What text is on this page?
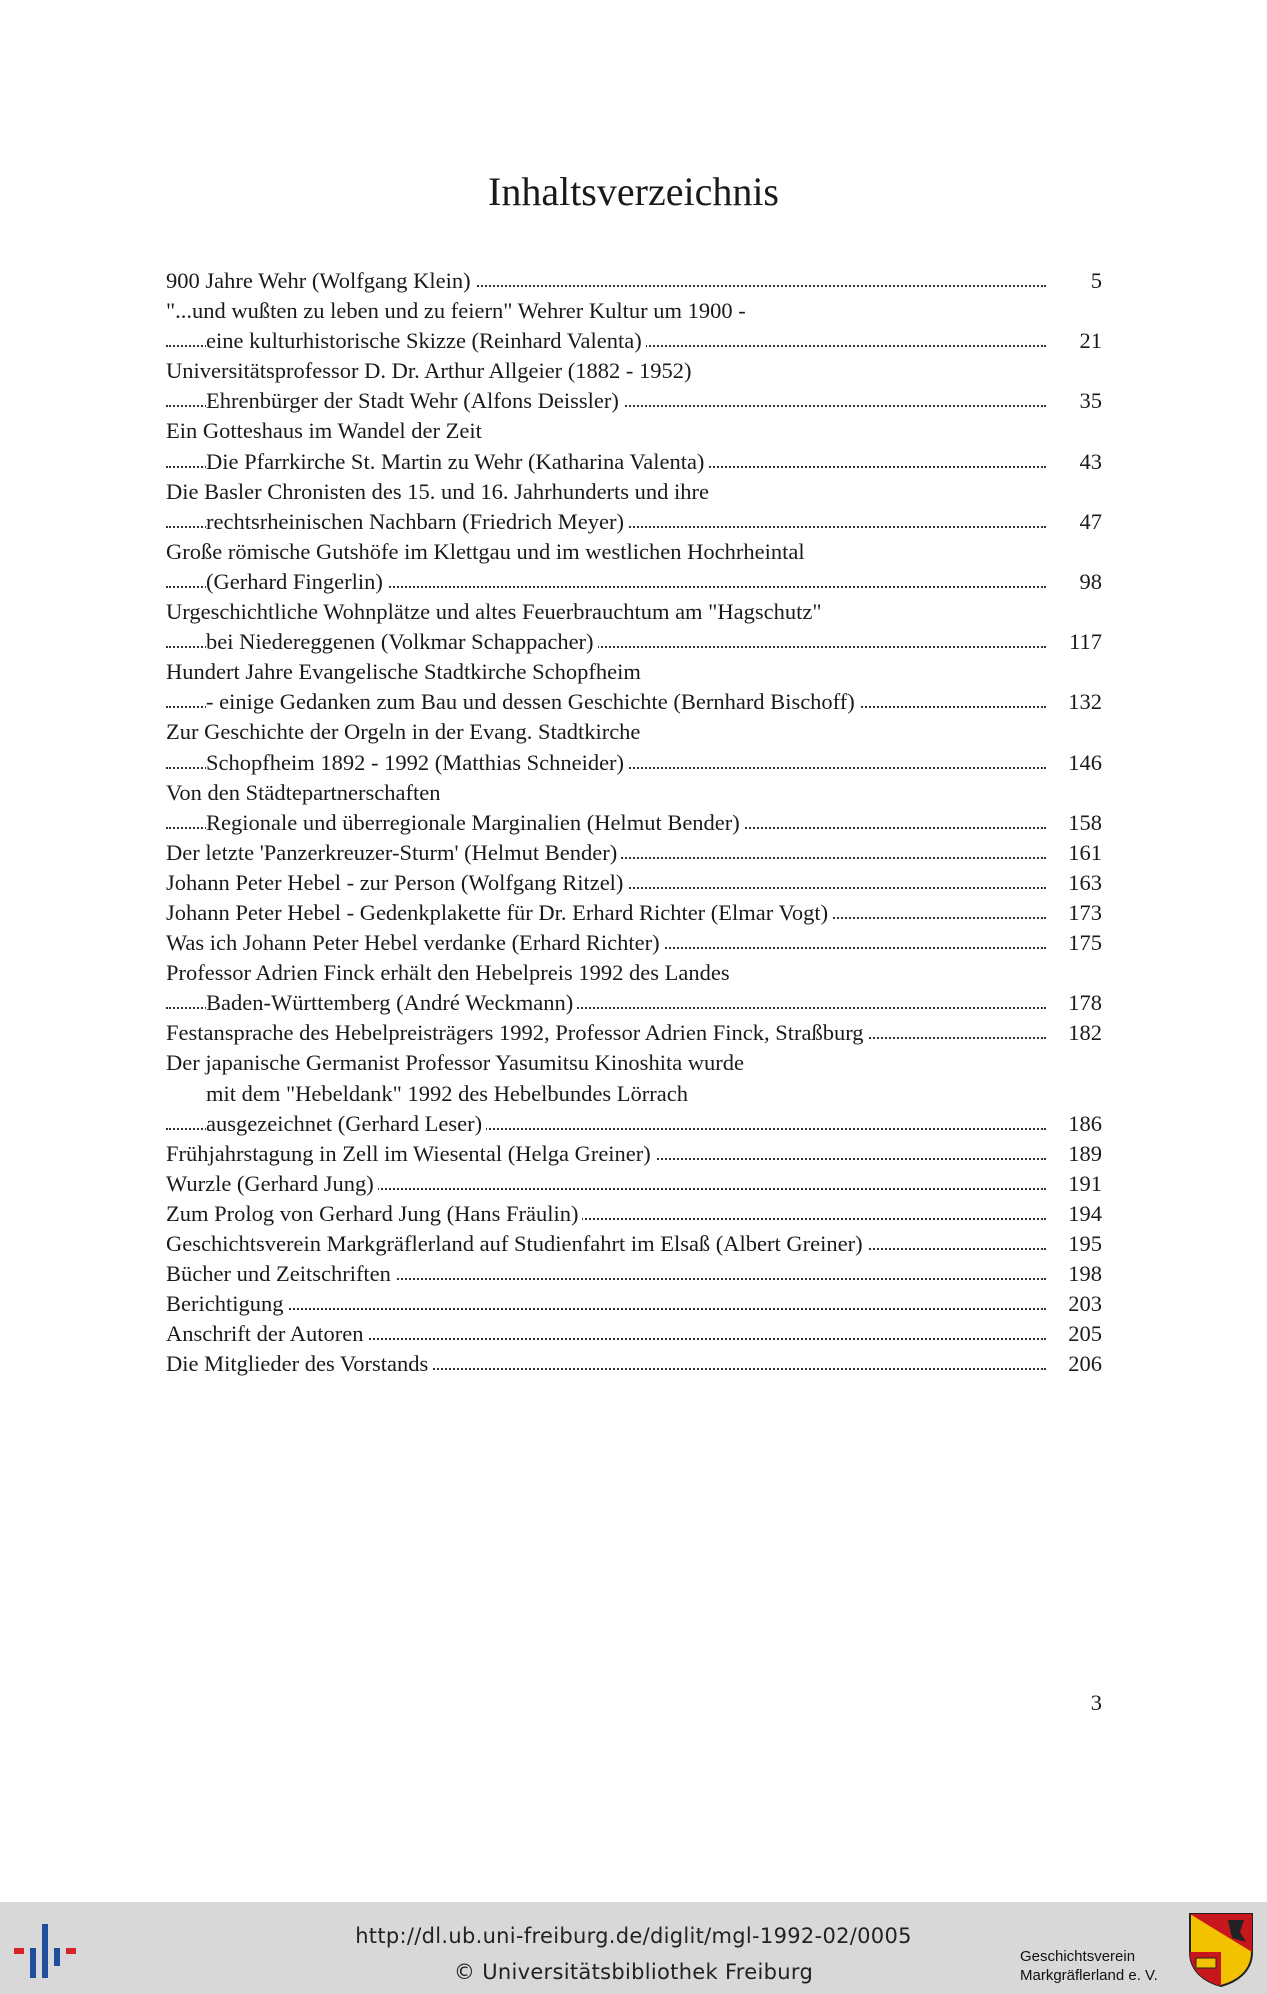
Inhaltsverzeichnis
900 Jahre Wehr (Wolfgang Klein)	5
"...und wußten zu leben und zu feiern" Wehrer Kultur um 1900 -
eine kulturhistorische Skizze (Reinhard Valenta)	21
Universitätsprofessor D. Dr. Arthur Allgeier (1882 - 1952)
Ehrenbürger der Stadt Wehr (Alfons Deissler)	35
Ein Gotteshaus im Wandel der Zeit
Die Pfarrkirche St. Martin zu Wehr (Katharina Valenta)	43
Die Basler Chronisten des 15. und 16. Jahrhunderts und ihre
rechtsrheinischen Nachbarn (Friedrich Meyer)	47
Große römische Gutshöfe im Klettgau und im westlichen Hochrheintal
(Gerhard Fingerlin)	98
Urgeschichtliche Wohnplätze und altes Feuerbrauchtum am "Hagschutz"
bei Niedereggenen (Volkmar Schappacher)	117
Hundert Jahre Evangelische Stadtkirche Schopfheim
- einige Gedanken zum Bau und dessen Geschichte (Bernhard Bischoff)	132
Zur Geschichte der Orgeln in der Evang. Stadtkirche
Schopfheim 1892 - 1992 (Matthias Schneider)	146
Von den Städtepartnerschaften
Regionale und überregionale Marginalien (Helmut Bender)	158
Der letzte 'Panzerkreuzer-Sturm' (Helmut Bender)	161
Johann Peter Hebel - zur Person (Wolfgang Ritzel)	163
Johann Peter Hebel - Gedenkplakette für Dr. Erhard Richter (Elmar Vogt)	173
Was ich Johann Peter Hebel verdanke (Erhard Richter)	175
Professor Adrien Finck erhält den Hebelpreis 1992 des Landes
Baden-Württemberg (André Weckmann)	178
Festansprache des Hebelpreisträgers 1992, Professor Adrien Finck, Straßburg	182
Der japanische Germanist Professor Yasumitsu Kinoshita wurde
mit dem "Hebeldank" 1992 des Hebelbundes Lörrach
ausgezeichnet (Gerhard Leser)	186
Frühjahrstagung in Zell im Wiesental (Helga Greiner)	189
Wurzle (Gerhard Jung)	191
Zum Prolog von Gerhard Jung (Hans Fräulin)	194
Geschichtsverein Markgräflerland auf Studienfahrt im Elsaß (Albert Greiner)	195
Bücher und Zeitschriften	198
Berichtigung	203
Anschrift der Autoren	205
Die Mitglieder des Vorstands	206
3
http://dl.ub.uni-freiburg.de/diglit/mgl-1992-02/0005
© Universitätsbibliothek Freiburg
Geschichtsverein
Markgräflerland e. V.
